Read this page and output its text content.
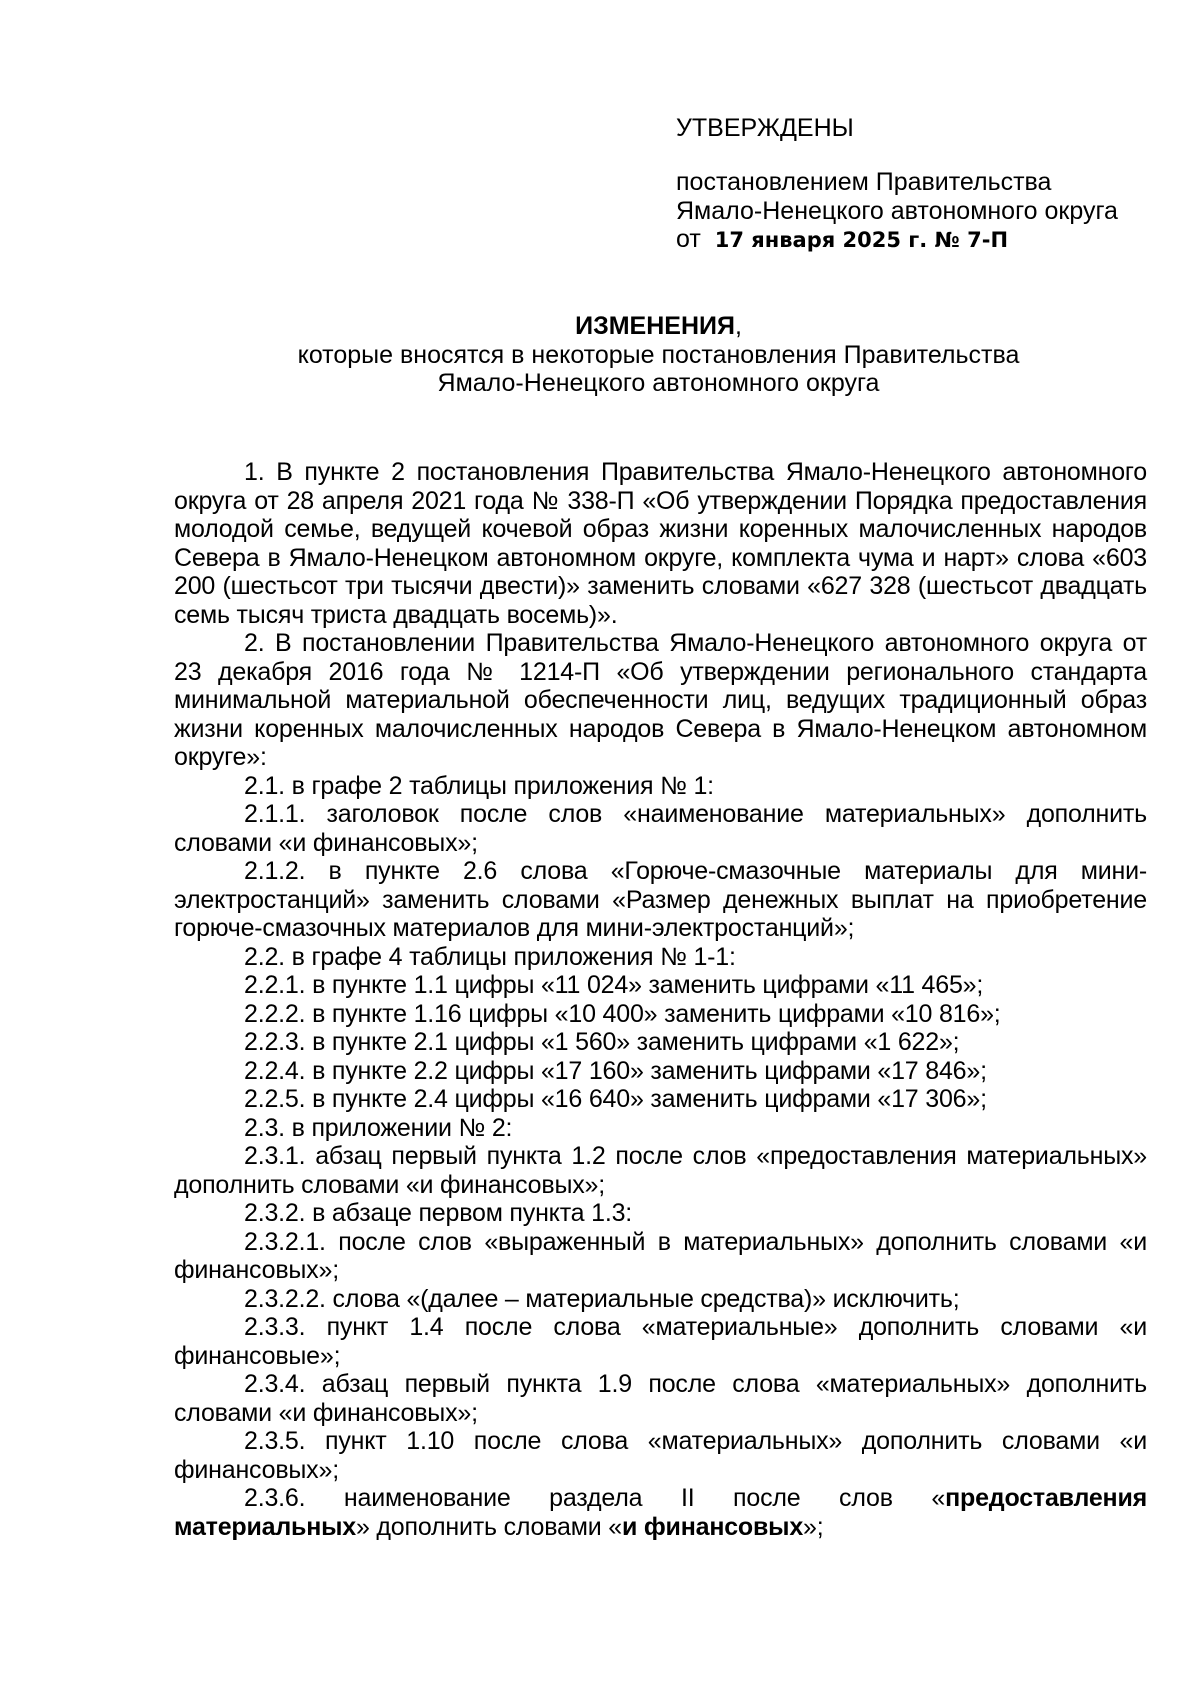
УТВЕРЖДЕНЫ
постановлением Правительства
Ямало-Ненецкого автономного округа
от 17 января 2025 г. № 7-П
ИЗМЕНЕНИЯ,
которые вносятся в некоторые постановления Правительства
Ямало-Ненецкого автономного округа

1. В пункте 2 постановления Правительства Ямало-Ненецкого автономного округа от 28 апреля 2021 года № 338-П «Об утверждении Порядка предоставления молодой семье, ведущей кочевой образ жизни коренных малочисленных народов Севера в Ямало-Ненецком автономном округе, комплекта чума и нарт» слова «603 200 (шестьсот три тысячи двести)» заменить словами «627 328 (шестьсот двадцать семь тысяч триста двадцать восемь)».

2. В постановлении Правительства Ямало-Ненецкого автономного округа от 23 декабря 2016 года № 1214-П «Об утверждении регионального стандарта минимальной материальной обеспеченности лиц, ведущих традиционный образ жизни коренных малочисленных народов Севера в Ямало-Ненецком автономном округе»:

2.1. в графе 2 таблицы приложения № 1:

2.1.1. заголовок после слов «наименование материальных» дополнить словами «и финансовых»;

2.1.2. в пункте 2.6 слова «Горюче-смазочные материалы для мини-электростанций» заменить словами «Размер денежных выплат на приобретение горюче-смазочных материалов для мини-электростанций»;

2.2. в графе 4 таблицы приложения № 1-1:

2.2.1. в пункте 1.1 цифры «11 024» заменить цифрами «11 465»;

2.2.2. в пункте 1.16 цифры «10 400» заменить цифрами «10 816»;

2.2.3. в пункте 2.1 цифры «1 560» заменить цифрами «1 622»;

2.2.4. в пункте 2.2 цифры «17 160» заменить цифрами «17 846»;

2.2.5. в пункте 2.4 цифры «16 640» заменить цифрами «17 306»;

2.3. в приложении № 2:

2.3.1. абзац первый пункта 1.2 после слов «предоставления материальных» дополнить словами «и финансовых»;

2.3.2. в абзаце первом пункта 1.3:

2.3.2.1. после слов «выраженный в материальных» дополнить словами «и финансовых»;

2.3.2.2. слова «(далее – материальные средства)» исключить;

2.3.3. пункт 1.4 после слова «материальные» дополнить словами «и финансовые»;

2.3.4. абзац первый пункта 1.9 после слова «материальных» дополнить словами «и финансовых»;

2.3.5. пункт 1.10 после слова «материальных» дополнить словами «и финансовых»;

2.3.6. наименование раздела II после слов «предоставления материальных» дополнить словами «и финансовых»;
